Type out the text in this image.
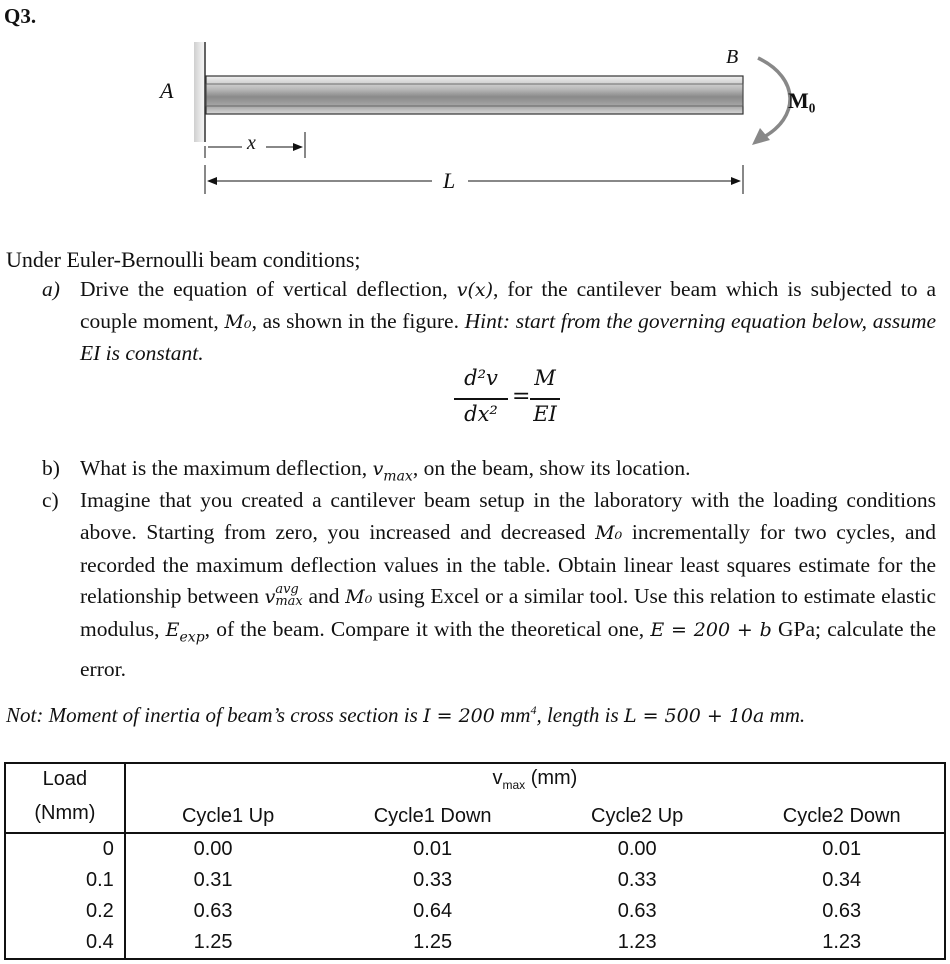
Q3.
A
B
x
L
M₀
Under Euler-Bernoulli beam conditions;
a) Drive the equation of vertical deflection, v(x), for the cantilever beam which is subjected to a couple moment, M₀, as shown in the figure. Hint: start from the governing equation below, assume EI is constant.
d²v
dx²
=
M
EI
b) What is the maximum deflection, $v_{max}$, on the beam, show its location.
c) Imagine that you created a cantilever beam setup in the laboratory with the loading conditions above. Starting from zero, you increased and decreased M₀ incrementally for two cycles, and recorded the maximum deflection values in the table. Obtain linear least squares estimate for the relationship between v avg
max and M₀ using Excel or a similar tool. Use this relation to estimate elastic modulus, $E_{exp}$, of the beam. Compare it with the theoretical one, E = 200 + b GPa; calculate the error.
Not: Moment of inertia of beam’s cross section is I = 200 $mm^4$, length is L = 500 + 10a mm.
Load	$v_{max}$ (mm)			
(Nmm)	Cycle1 Up	Cycle1 Down	Cycle2 Up	Cycle2 Down
0	0.00	0.01	0.00	0.01
0.1	0.31	0.33	0.33	0.34
0.2	0.63	0.64	0.63	0.63
0.4	1.25	1.25	1.23	1.23
